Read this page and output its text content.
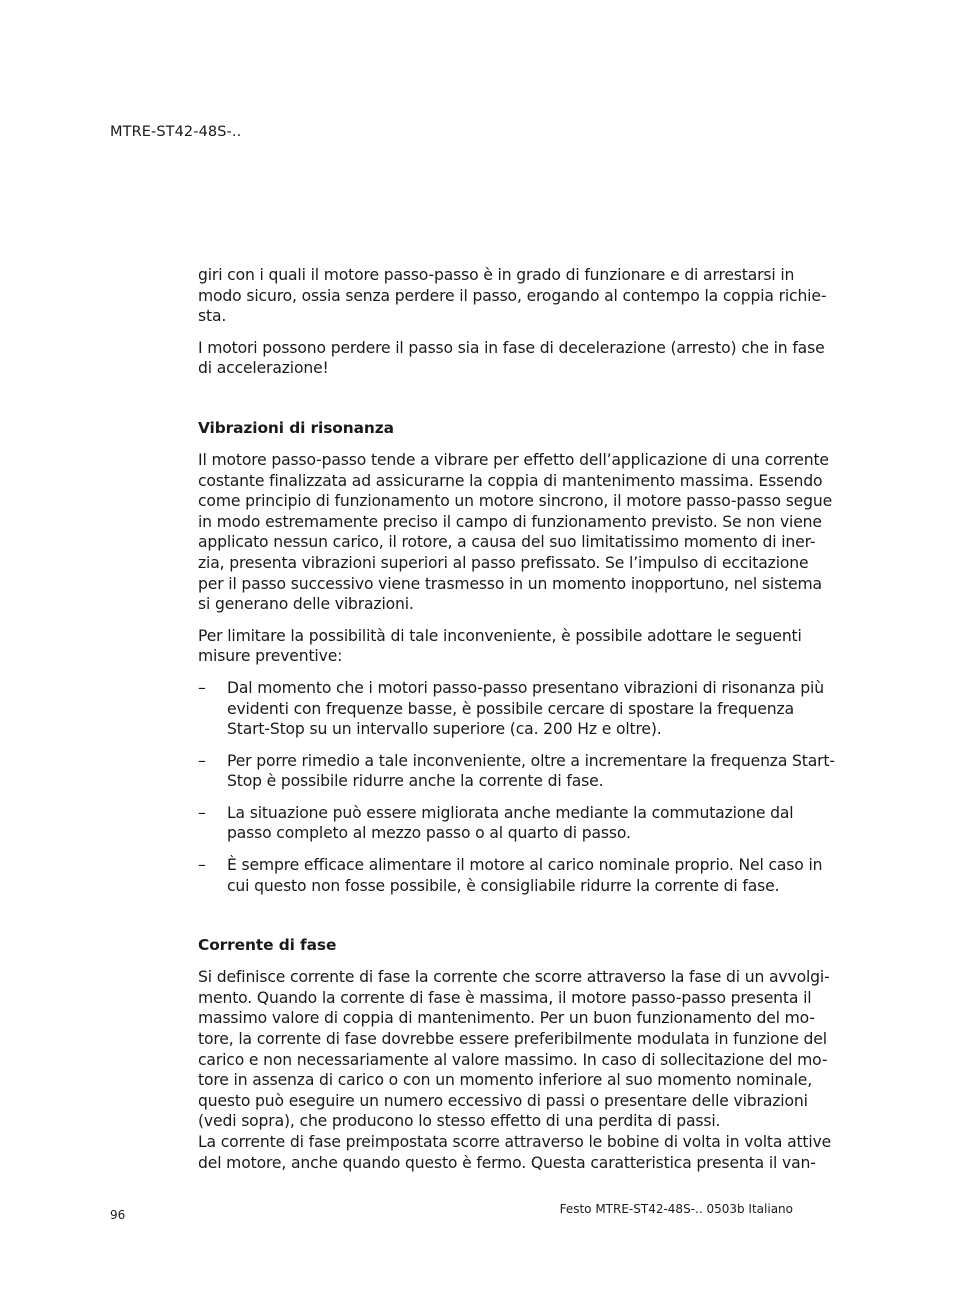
MTRE-ST42-48S-..

giri con i quali il motore passo-passo è in grado di funzionare e di arrestarsi in
modo sicuro, ossia senza perdere il passo, erogando al contempo la coppia richie-
sta.

I motori possono perdere il passo sia in fase di decelerazione (arresto) che in fase
di accelerazione!

Vibrazioni di risonanza

Il motore passo-passo tende a vibrare per effetto dell’applicazione di una corrente
costante finalizzata ad assicurarne la coppia di mantenimento massima. Essendo
come principio di funzionamento un motore sincrono, il motore passo-passo segue
in modo estremamente preciso il campo di funzionamento previsto. Se non viene
applicato nessun carico, il rotore, a causa del suo limitatissimo momento di iner-
zia, presenta vibrazioni superiori al passo prefissato. Se l’impulso di eccitazione
per il passo successivo viene trasmesso in un momento inopportuno, nel sistema
si generano delle vibrazioni.

Per limitare la possibilità di tale inconveniente, è possibile adottare le seguenti
misure preventive:

– Dal momento che i motori passo-passo presentano vibrazioni di risonanza più
evidenti con frequenze basse, è possibile cercare di spostare la frequenza
Start-Stop su un intervallo superiore (ca. 200 Hz e oltre).
– Per porre rimedio a tale inconveniente, oltre a incrementare la frequenza Start-
Stop è possibile ridurre anche la corrente di fase.
– La situazione può essere migliorata anche mediante la commutazione dal
passo completo al mezzo passo o al quarto di passo.
– È sempre efficace alimentare il motore al carico nominale proprio. Nel caso in
cui questo non fosse possibile, è consigliabile ridurre la corrente di fase.
Corrente di fase

Si definisce corrente di fase la corrente che scorre attraverso la fase di un avvolgi-
mento. Quando la corrente di fase è massima, il motore passo-passo presenta il
massimo valore di coppia di mantenimento. Per un buon funzionamento del mo-
tore, la corrente di fase dovrebbe essere preferibilmente modulata in funzione del
carico e non necessariamente al valore massimo. In caso di sollecitazione del mo-
tore in assenza di carico o con un momento inferiore al suo momento nominale,
questo può eseguire un numero eccessivo di passi o presentare delle vibrazioni
(vedi sopra), che producono lo stesso effetto di una perdita di passi.
La corrente di fase preimpostata scorre attraverso le bobine di volta in volta attive
del motore, anche quando questo è fermo. Questa caratteristica presenta il van-

96	Festo MTRE-ST42-48S-.. 0503b Italiano
